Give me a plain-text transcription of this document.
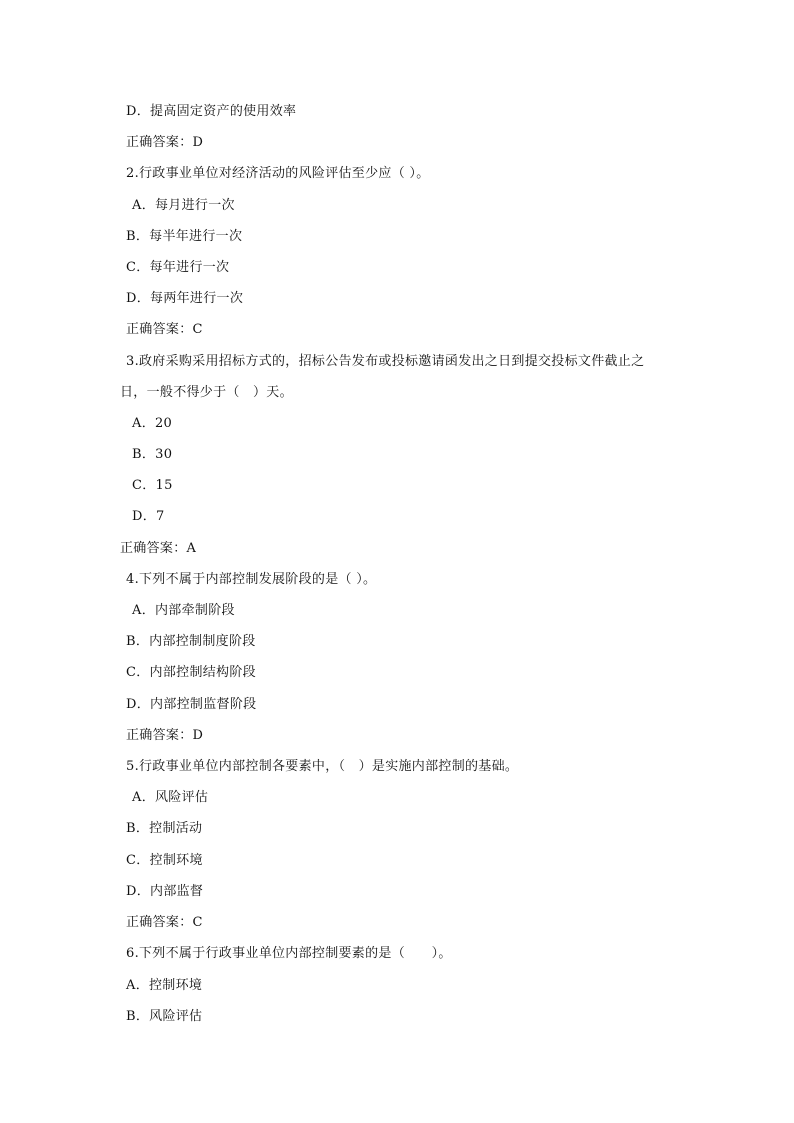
D．提高固定资产的使用效率
正确答案：D
2.行政事业单位对经济活动的风险评估至少应（ ）。
A．每月进行一次
B．每半年进行一次
C．每年进行一次
D．每两年进行一次
正确答案：C
3.政府采购采用招标方式的，招标公告发布或投标邀请函发出之日到提交投标文件截止之
日，一般不得少于（　）天。
A．20
B．30
C．15
D．7
正确答案：A
4.下列不属于内部控制发展阶段的是（ ）。
A．内部牵制阶段
B．内部控制制度阶段
C．内部控制结构阶段
D．内部控制监督阶段
正确答案：D
5.行政事业单位内部控制各要素中，（　）是实施内部控制的基础。
A．风险评估
B．控制活动
C．控制环境
D．内部监督
正确答案：C
6.下列不属于行政事业单位内部控制要素的是（　　）。
A．控制环境
B．风险评估
